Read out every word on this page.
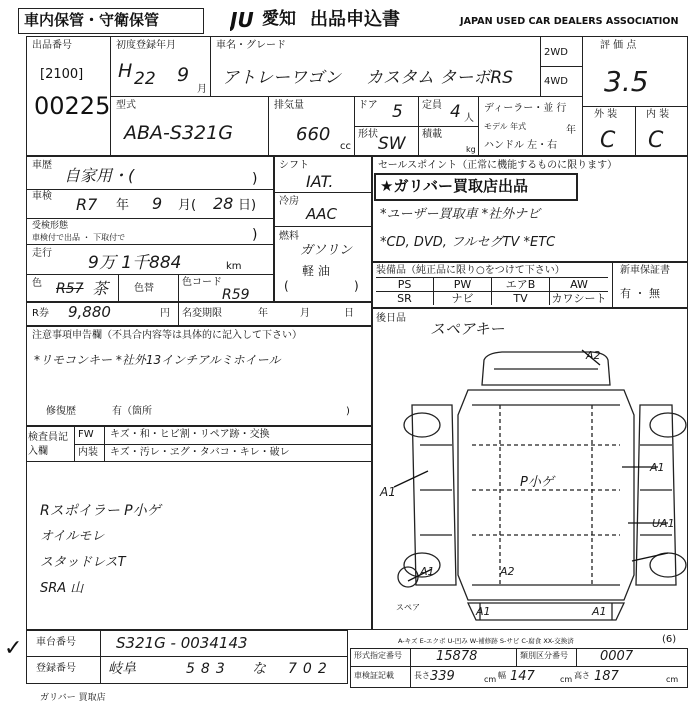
車内保管・守衛保管	JU 愛知 出品申込書	JAPAN USED CAR DEALERS ASSOCIATION
出品番号
[2100]
00225
初度登録年月
H 22 9
月
車名・グレード
アトレーワゴン カスタム ターボRS
2WD
4WD
評 価 点
3.5
外 装	内 装
C C
型式
ABA-S321G
排気量
660
cc
ドア 5 定員 4 人
形状 SW 積載
kg
ディーラー・並 行
モデル 年式	年
ハンドル 左・右
車歴
自家用・(	)
車検 R7 年 9 月( 28 日)
受検形態
車検付で出品 ・ 下取付で	)
走行 9万 1千884	km
色 R57 茶	色替
色コード
R59
シフト
IAT.
冷房
AAC
燃料
ガソリン
軽 油
(	)
セールスポイント（正常に機能するものに限ります）
★ガリバー買取店出品
*ユーザー買取車 *社外ナビ
*CD, DVD, フルセグTV *ETC
装備品（純正品に限り○をつけて下さい）	新車保証書
有 ・ 無
PS	PW	エアB	AW
SR	ナビ	TV	カワシート
R券 9,880	円 名変期限	年	月	日 後日品
スペアキー
A2
A1
P小ゲ
A1
UA1
A1	A2
A1	A1
スペア
A-キズ E-エクボ U-凹み W-補修跡 S-サビ C-腐食 XX-交換済
注意事項申告欄（不具合内容等は具体的に記入して下さい）
*リモコンキー *社外13インチアルミホイール
修復歴	有（箇所	)
検査員記入欄
FW キズ・和・ヒビ割・リペア跡・交換
内装 キズ・汚レ・ヱグ・タバコ・キレ・破レ
Rスポイラー P小ゲ
オイルモレ
スタッドレスT
SRA 山
車台番号	S321G - 0034143
登録番号 岐阜	583 な 702
形式指定番号	15878	類別区分番号 0007
車検証記載	長さ 339	cm 幅 147	cm 高さ 187	cm
(6)
ガリバー 買取店
✓
